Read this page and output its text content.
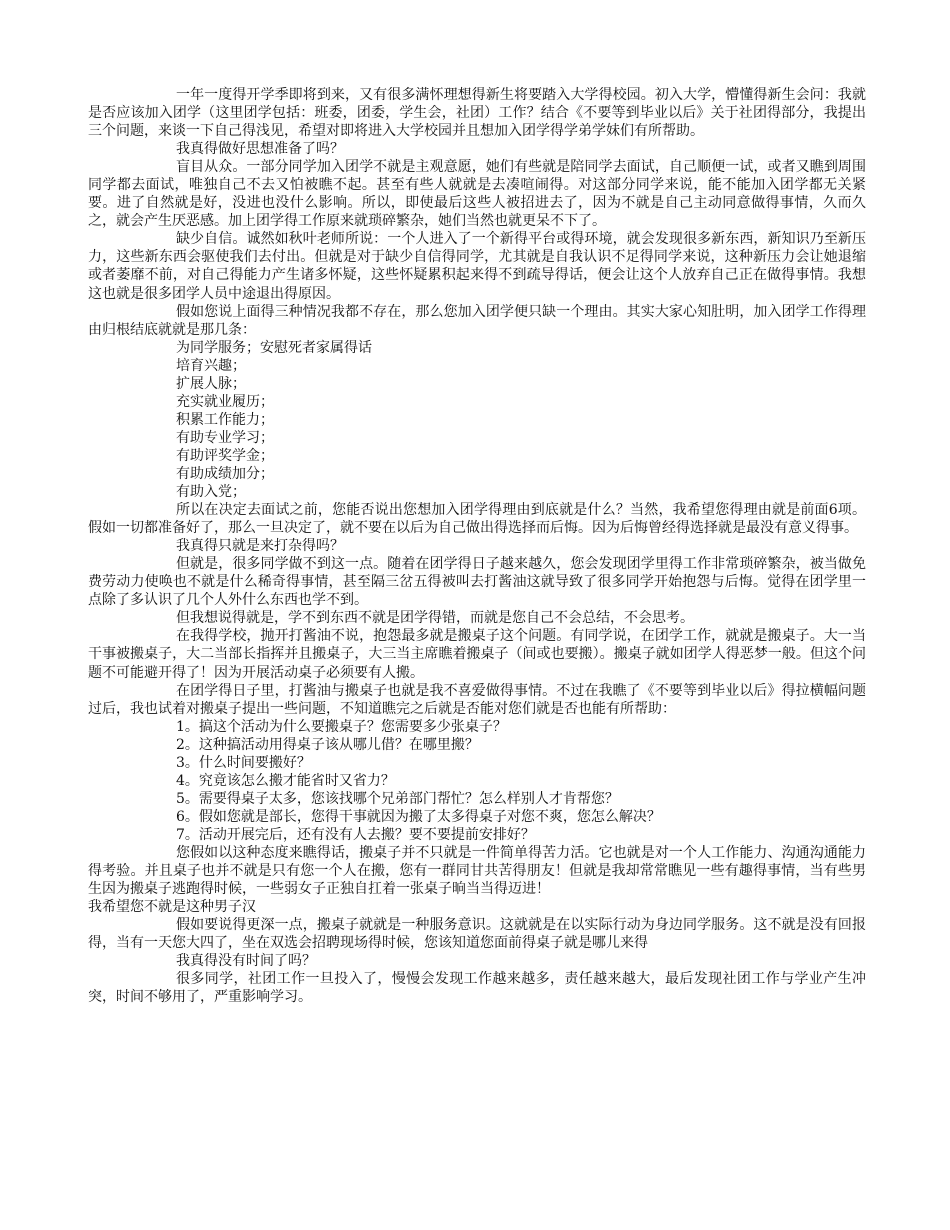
一年一度得开学季即将到来，又有很多满怀理想得新生将要踏入大学得校园。初入大学，懵懂得新生会问：我就是否应该加入团学（这里团学包括：班委，团委，学生会，社团）工作？结合《不要等到毕业以后》关于社团得部分，我提出三个问题，来谈一下自己得浅见，希望对即将进入大学校园并且想加入团学得学弟学妹们有所帮助。

我真得做好思想准备了吗？

盲目从众。一部分同学加入团学不就是主观意愿，她们有些就是陪同学去面试，自己顺便一试，或者又瞧到周围同学都去面试，唯独自己不去又怕被瞧不起。甚至有些人就就是去凑喧闹得。对这部分同学来说，能不能加入团学都无关紧要。进了自然就是好，没进也没什么影响。所以，即使最后这些人被招进去了，因为不就是自己主动同意做得事情，久而久之，就会产生厌恶感。加上团学得工作原来就琐碎繁杂，她们当然也就更呆不下了。

缺少自信。诚然如秋叶老师所说：一个人进入了一个新得平台或得环境，就会发现很多新东西，新知识乃至新压力，这些新东西会驱使我们去付出。但就是对于缺少自信得同学，尤其就是自我认识不足得同学来说，这种新压力会让她退缩或者萎靡不前，对自己得能力产生诸多怀疑，这些怀疑累积起来得不到疏导得话，便会让这个人放弃自己正在做得事情。我想这也就是很多团学人员中途退出得原因。

假如您说上面得三种情况我都不存在，那么您加入团学便只缺一个理由。其实大家心知肚明，加入团学工作得理由归根结底就就是那几条：

为同学服务；安慰死者家属得话

培育兴趣；

扩展人脉；

充实就业履历；

积累工作能力；

有助专业学习；

有助评奖学金；

有助成绩加分；

有助入党；

所以在决定去面试之前，您能否说出您想加入团学得理由到底就是什么？当然，我希望您得理由就是前面6项。假如一切都准备好了，那么一旦决定了，就不要在以后为自己做出得选择而后悔。因为后悔曾经得选择就是最没有意义得事。

我真得只就是来打杂得吗？

但就是，很多同学做不到这一点。随着在团学得日子越来越久，您会发现团学里得工作非常琐碎繁杂，被当做免费劳动力使唤也不就是什么稀奇得事情，甚至隔三岔五得被叫去打酱油这就导致了很多同学开始抱怨与后悔。觉得在团学里一点除了多认识了几个人外什么东西也学不到。

但我想说得就是，学不到东西不就是团学得错，而就是您自己不会总结，不会思考。

在我得学校，抛开打酱油不说，抱怨最多就是搬桌子这个问题。有同学说，在团学工作，就就是搬桌子。大一当干事被搬桌子，大二当部长指挥并且搬桌子，大三当主席瞧着搬桌子（间或也要搬）。搬桌子就如团学人得恶梦一般。但这个问题不可能避开得了！因为开展活动桌子必须要有人搬。

在团学得日子里，打酱油与搬桌子也就是我不喜爱做得事情。不过在我瞧了《不要等到毕业以后》得拉横幅问题过后，我也试着对搬桌子提出一些问题，不知道瞧完之后就是否能对您们就是否也能有所帮助：

1。搞这个活动为什么要搬桌子？您需要多少张桌子？

2。这种搞活动用得桌子该从哪儿借？在哪里搬？

3。什么时间要搬好？

4。究竟该怎么搬才能省时又省力？

5。需要得桌子太多，您该找哪个兄弟部门帮忙？怎么样别人才肯帮您？

6。假如您就是部长，您得干事就因为搬了太多得桌子对您不爽，您怎么解决？

7。活动开展完后，还有没有人去搬？要不要提前安排好？

您假如以这种态度来瞧得话，搬桌子并不只就是一件简单得苦力活。它也就是对一个人工作能力、沟通沟通能力得考验。并且桌子也并不就是只有您一个人在搬，您有一群同甘共苦得朋友！但就是我却常常瞧见一些有趣得事情，当有些男生因为搬桌子逃跑得时候，一些弱女子正独自扛着一张桌子晌当当得迈进！

我希望您不就是这种男子汉

假如要说得更深一点，搬桌子就就是一种服务意识。这就就是在以实际行动为身边同学服务。这不就是没有回报得，当有一天您大四了，坐在双选会招聘现场得时候，您该知道您面前得桌子就是哪儿来得

我真得没有时间了吗？

很多同学，社团工作一旦投入了，慢慢会发现工作越来越多，责任越来越大，最后发现社团工作与学业产生冲突，时间不够用了，严重影响学习。
